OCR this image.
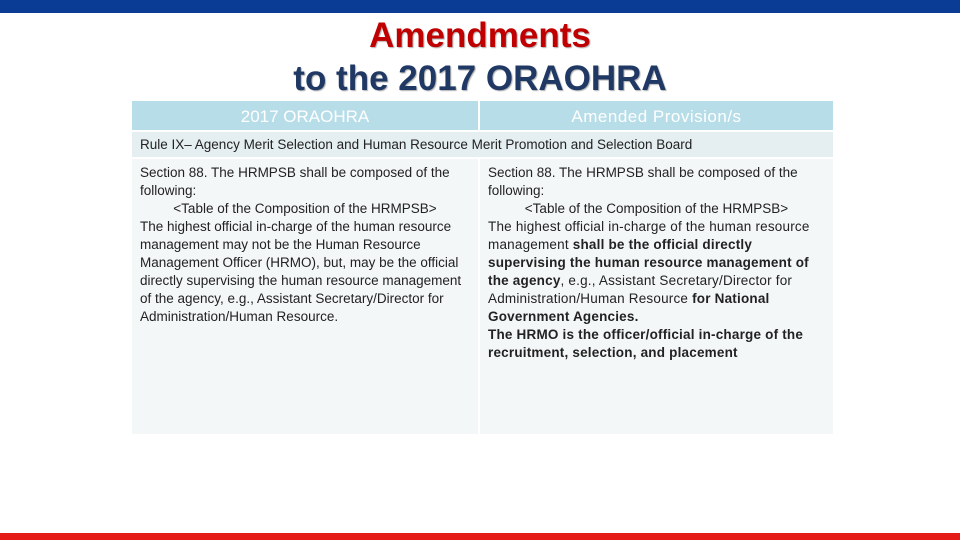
Amendments
to the 2017 ORAOHRA
2017 ORAOHRA	Amended Provision/s
Rule IX– Agency Merit Selection and Human Resource Merit Promotion and Selection Board

Section 88. The HRMPSB shall be composed of the following:

<Table of the Composition of the HRMPSB>

The highest official in-charge of the human resource management may not be the Human Resource Management Officer (HRMO), but, may be the official directly supervising the human resource management of the agency, e.g., Assistant Secretary/Director for Administration/Human Resource.

Section 88. The HRMPSB shall be composed of the following:

<Table of the Composition of the HRMPSB>

The highest official in-charge of the human resource management shall be the official directly supervising the human resource management of the agency, e.g., Assistant Secretary/Director for Administration/Human Resource for National Government Agencies.

The HRMO is the officer/official in-charge of the recruitment, selection, and placement
